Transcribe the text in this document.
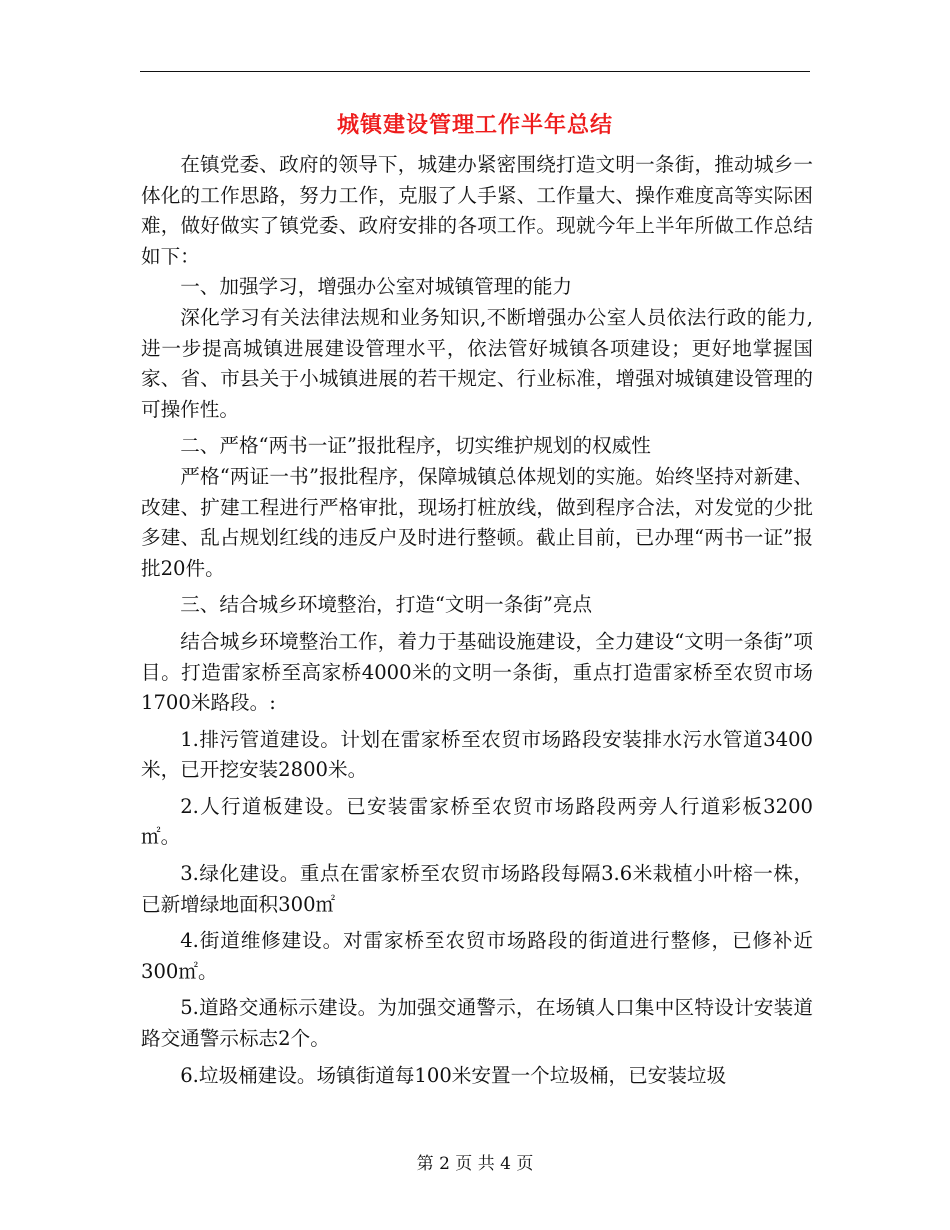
城镇建设管理工作半年总结

在镇党委、政府的领导下，城建办紧密围绕打造文明一条街，推动城乡一体化的工作思路，努力工作，克服了人手紧、工作量大、操作难度高等实际困难，做好做实了镇党委、政府安排的各项工作。现就今年上半年所做工作总结如下：

一、加强学习，增强办公室对城镇管理的能力

深化学习有关法律法规和业务知识,不断增强办公室人员依法行政的能力,进一步提高城镇进展建设管理水平，依法管好城镇各项建设；更好地掌握国家、省、市县关于小城镇进展的若干规定、行业标准，增强对城镇建设管理的可操作性。

二、严格“两书一证”报批程序，切实维护规划的权威性

严格“两证一书”报批程序，保障城镇总体规划的实施。始终坚持对新建、改建、扩建工程进行严格审批，现场打桩放线，做到程序合法，对发觉的少批多建、乱占规划红线的违反户及时进行整顿。截止目前，已办理“两书一证”报批20件。

三、结合城乡环境整治，打造“文明一条街”亮点

结合城乡环境整治工作，着力于基础设施建设，全力建设“文明一条街”项目。打造雷家桥至高家桥4000米的文明一条街，重点打造雷家桥至农贸市场1700米路段。:

1.排污管道建设。计划在雷家桥至农贸市场路段安装排水污水管道3400米，已开挖安装2800米。

2.人行道板建设。已安装雷家桥至农贸市场路段两旁人行道彩板3200 ㎡。

3.绿化建设。重点在雷家桥至农贸市场路段每隔3.6米栽植小叶榕一株，已新增绿地面积300㎡

4.街道维修建设。对雷家桥至农贸市场路段的街道进行整修，已修补近300㎡。

5.道路交通标示建设。为加强交通警示，在场镇人口集中区特设计安装道路交通警示标志2个。

6.垃圾桶建设。场镇街道每100米安置一个垃圾桶，已安装垃圾

第 2 页 共 4 页
